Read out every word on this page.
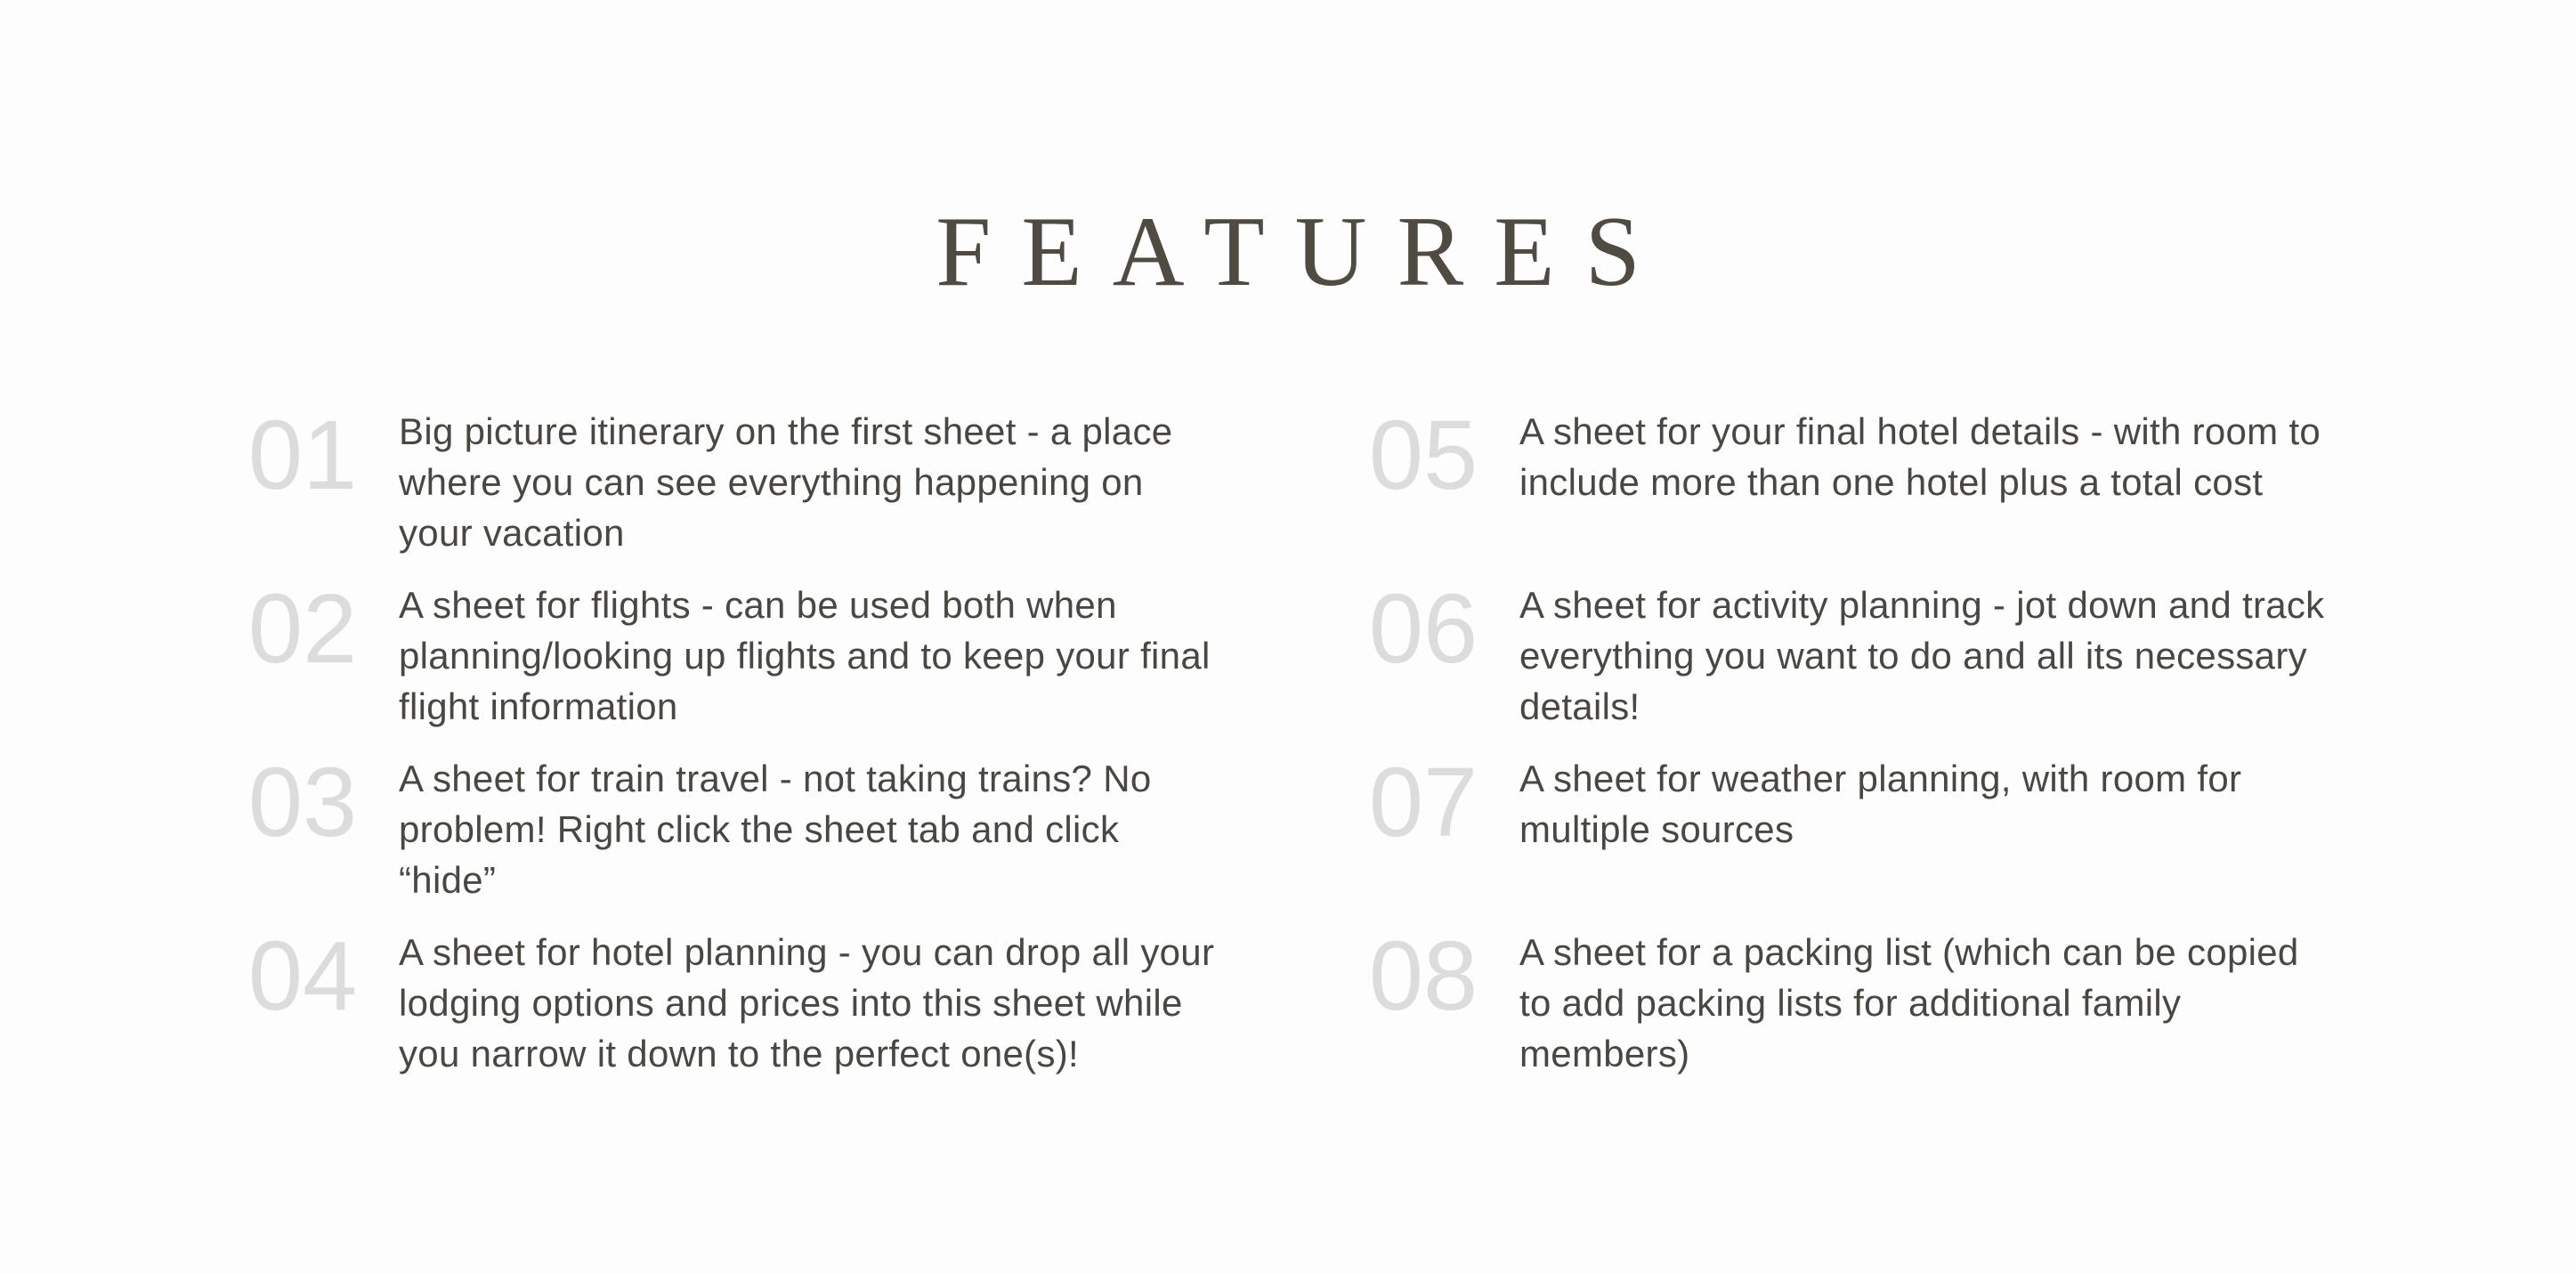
FEATURES
01	Big picture itinerary on the first sheet - a place where you can see everything happening on your vacation
02	A sheet for flights - can be used both when planning/looking up flights and to keep your final flight information
03	A sheet for train travel - not taking trains? No problem! Right click the sheet tab and click “hide”
04	A sheet for hotel planning - you can drop all your lodging options and prices into this sheet while you narrow it down to the perfect one(s)!
05	A sheet for your final hotel details - with room to include more than one hotel plus a total cost
06	A sheet for activity planning - jot down and track everything you want to do and all its necessary details!
07	A sheet for weather planning, with room for multiple sources
08	A sheet for a packing list (which can be copied to add packing lists for additional family members)
